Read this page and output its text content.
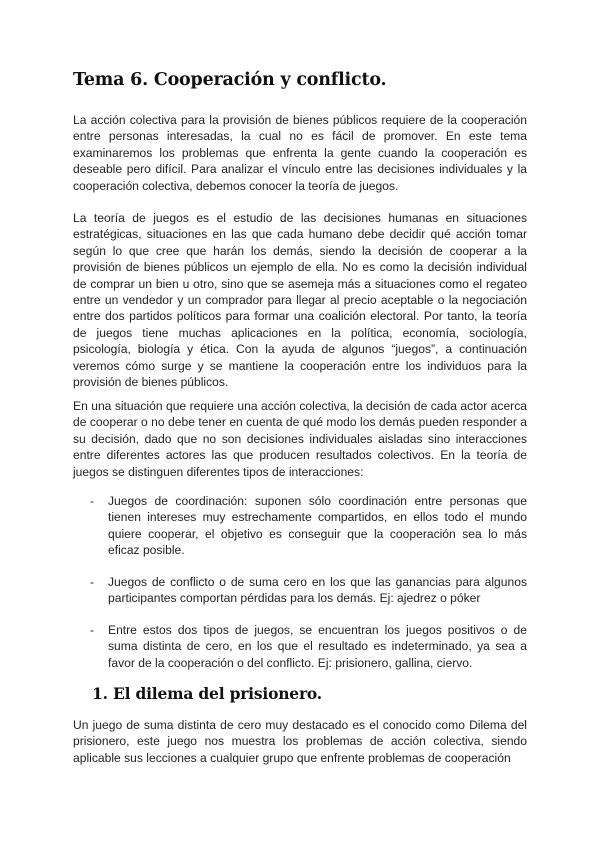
Tema 6. Cooperación y conflicto.

La acción colectiva para la provisión de bienes públicos requiere de la cooperación entre personas interesadas, la cual no es fácil de promover. En este tema examinaremos los problemas que enfrenta la gente cuando la cooperación es deseable pero difícil. Para analizar el vínculo entre las decisiones individuales y la cooperación colectiva, debemos conocer la teoría de juegos.

La teoría de juegos es el estudio de las decisiones humanas en situaciones estratégicas, situaciones en las que cada humano debe decidir qué acción tomar según lo que cree que harán los demás, siendo la decisión de cooperar a la provisión de bienes públicos un ejemplo de ella. No es como la decisión individual de comprar un bien u otro, sino que se asemeja más a situaciones como el regateo entre un vendedor y un comprador para llegar al precio aceptable o la negociación entre dos partidos políticos para formar una coalición electoral. Por tanto, la teoría de juegos tiene muchas aplicaciones en la política, economía, sociología, psicología, biología y ética. Con la ayuda de algunos “juegos”, a continuación veremos cómo surge y se mantiene la cooperación entre los individuos para la provisión de bienes públicos.

En una situación que requiere una acción colectiva, la decisión de cada actor acerca de cooperar o no debe tener en cuenta de qué modo los demás pueden responder a su decisión, dado que no son decisiones individuales aisladas sino interacciones entre diferentes actores las que producen resultados colectivos. En la teoría de juegos se distinguen diferentes tipos de interacciones:

- Juegos de coordinación: suponen sólo coordinación entre personas que tienen intereses muy estrechamente compartidos, en ellos todo el mundo quiere cooperar, el objetivo es conseguir que la cooperación sea lo más eficaz posible.

- Juegos de conflicto o de suma cero en los que las ganancias para algunos participantes comportan pérdidas para los demás. Ej: ajedrez o póker

- Entre estos dos tipos de juegos, se encuentran los juegos positivos o de suma distinta de cero, en los que el resultado es indeterminado, ya sea a favor de la cooperación o del conflicto. Ej: prisionero, gallina, ciervo.

1. El dilema del prisionero.

Un juego de suma distinta de cero muy destacado es el conocido como Dilema del prisionero, este juego nos muestra los problemas de acción colectiva, siendo aplicable sus lecciones a cualquier grupo que enfrente problemas de cooperación
